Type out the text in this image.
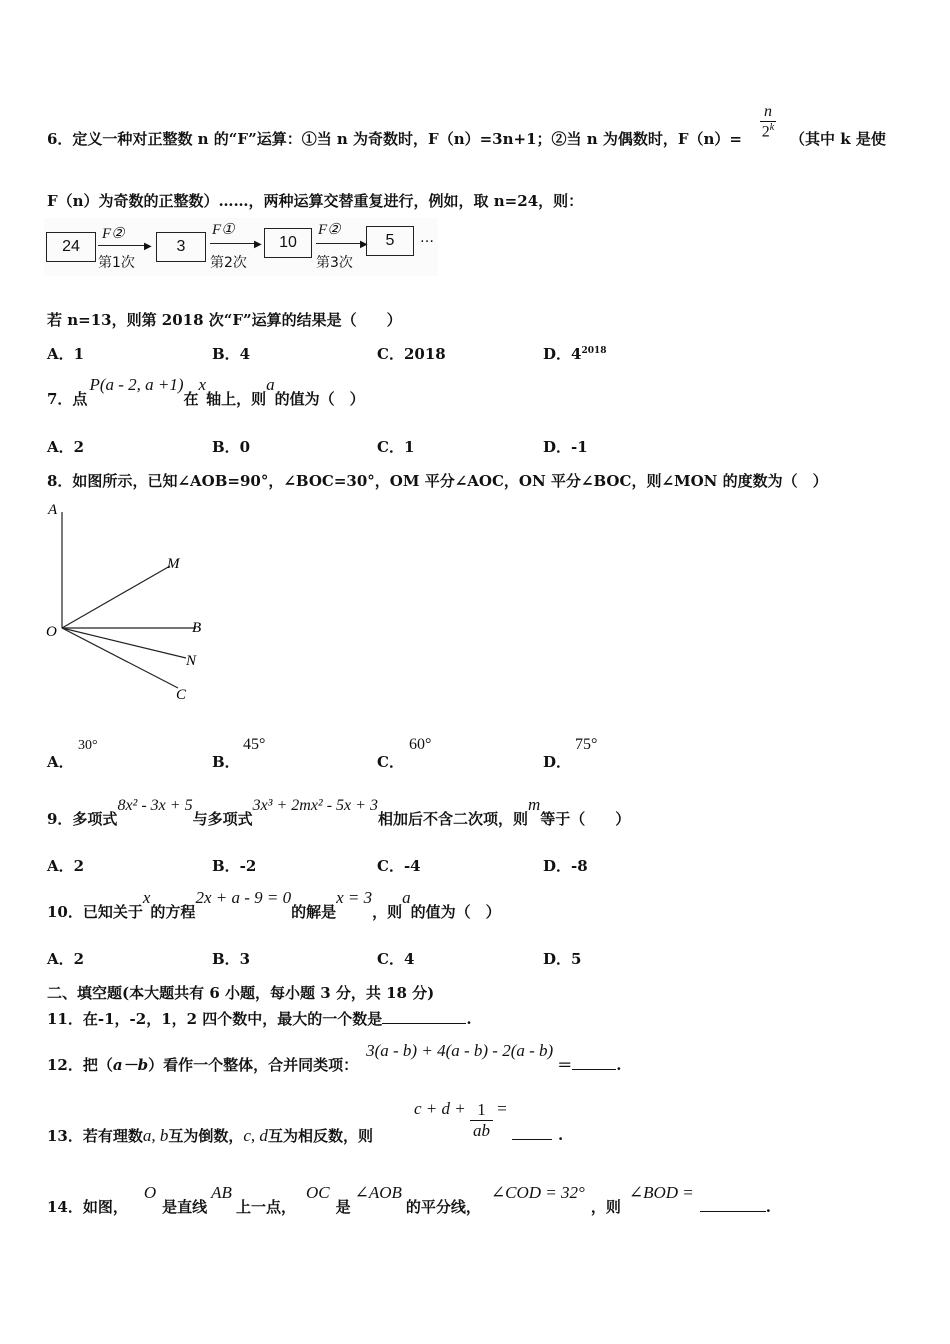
6．定义一种对正整数 n 的“F”运算：①当 n 为奇数时，F（n）=3n+1；②当 n 为偶数时，$F(n)= \frac{n}{2^k}$ （其中 k 是使
F（n）为奇数的正整数）……，两种运算交替重复进行，例如，取 n=24，则：
24
F②
▶
第1次
3
F①
▶
第2次
10
F②
▶
第3次
5	…
若 n=13，则第 2018 次“F”运算的结果是（　　）
A．1	B．4	C．2018	D．$4^{2018}$
7．点P(a - 2, a +1)在x轴上，则a的值为（　）
A．2	B．0	C．1	D．-1
8．如图所示，已知∠AOB=90°，∠BOC=30°，OM 平分∠AOC，ON 平分∠BOC，则∠MON 的度数为（　）
A
M
O	B
N
C
A．
30°
B．
45°
C．
60°
D．
75°
9．多项式8x² - 3x + 5与多项式3x³ + 2mx² - 5x + 3相加后不含二次项，则m等于（　　）
A．2	B．-2	C．-4	D．-8
10．已知关于x的方程2x + a - 9 = 0的解是x = 3，则a的值为（　）
A．2	B．3	C．4	D．5
二、填空题(本大题共有 6 小题，每小题 3 分，共 18 分)
11．在-1，-2，1，2 四个数中，最大的一个数是	.
12．把（a－b）看作一个整体，合并同类项：3(a - b) + 4(a - b) - 2(a - b)＝	.
13．若有理数a, b互为倒数，c, d互为相反数，则
$c + d + \frac{1}{ab}$ =
.
14．如图，O是直线AB上一点，OC是∠AOB的平分线，∠COD = 32°，则∠BOD =.
